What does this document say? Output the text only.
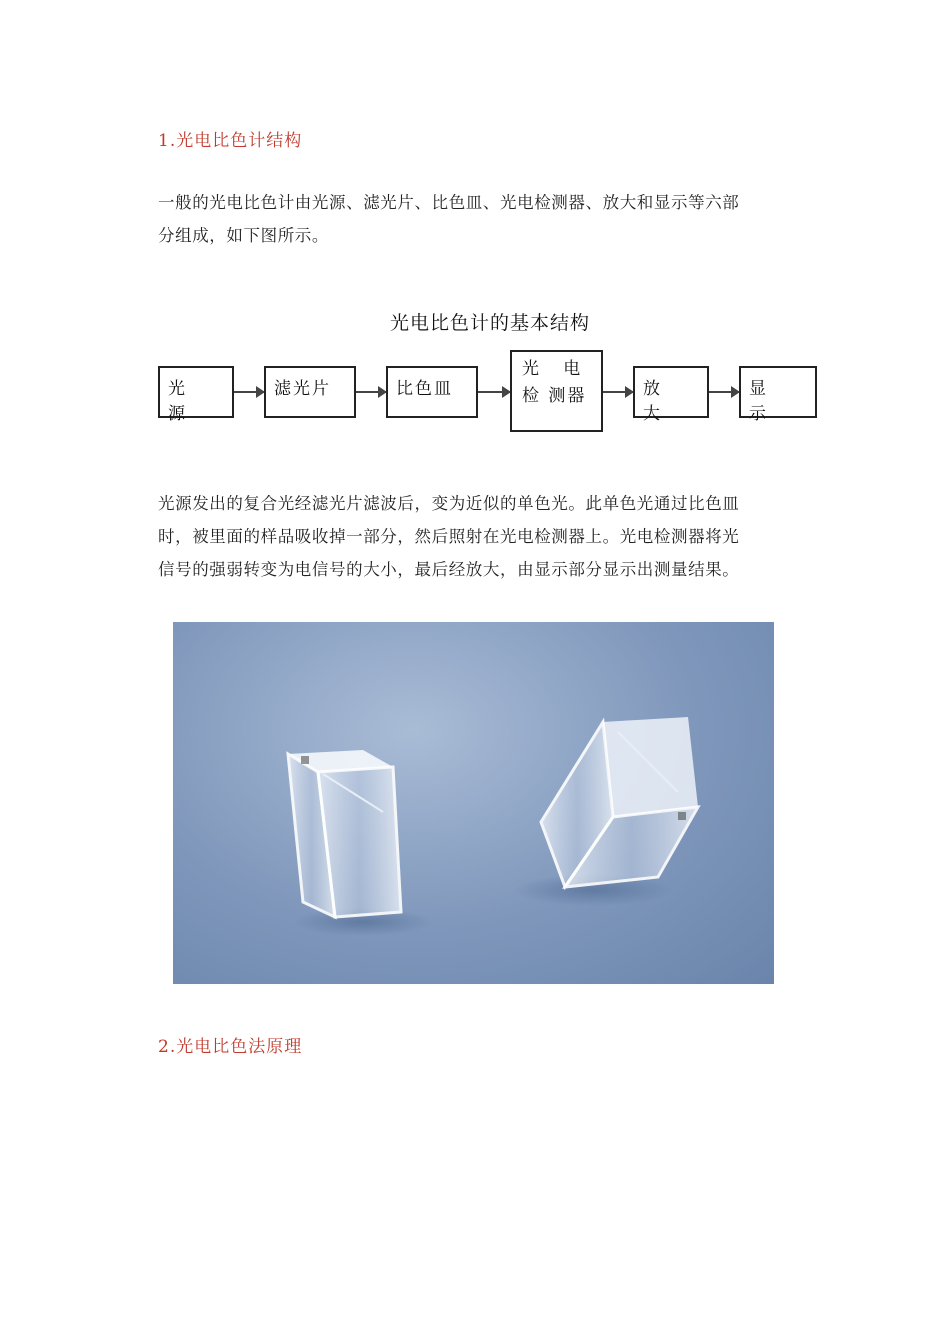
1.光电比色计结构
一般的光电比色计由光源、滤光片、比色皿、光电检测器、放大和显示等六部
分组成，如下图所示。
光电比色计的基本结构
光 源
滤光片	比色皿
光   电
检 测器	放 大
显 示
光源发出的复合光经滤光片滤波后，变为近似的单色光。此单色光通过比色皿
时，被里面的样品吸收掉一部分，然后照射在光电检测器上。光电检测器将光
信号的强弱转变为电信号的大小，最后经放大，由显示部分显示出测量结果。
2.光电比色法原理
